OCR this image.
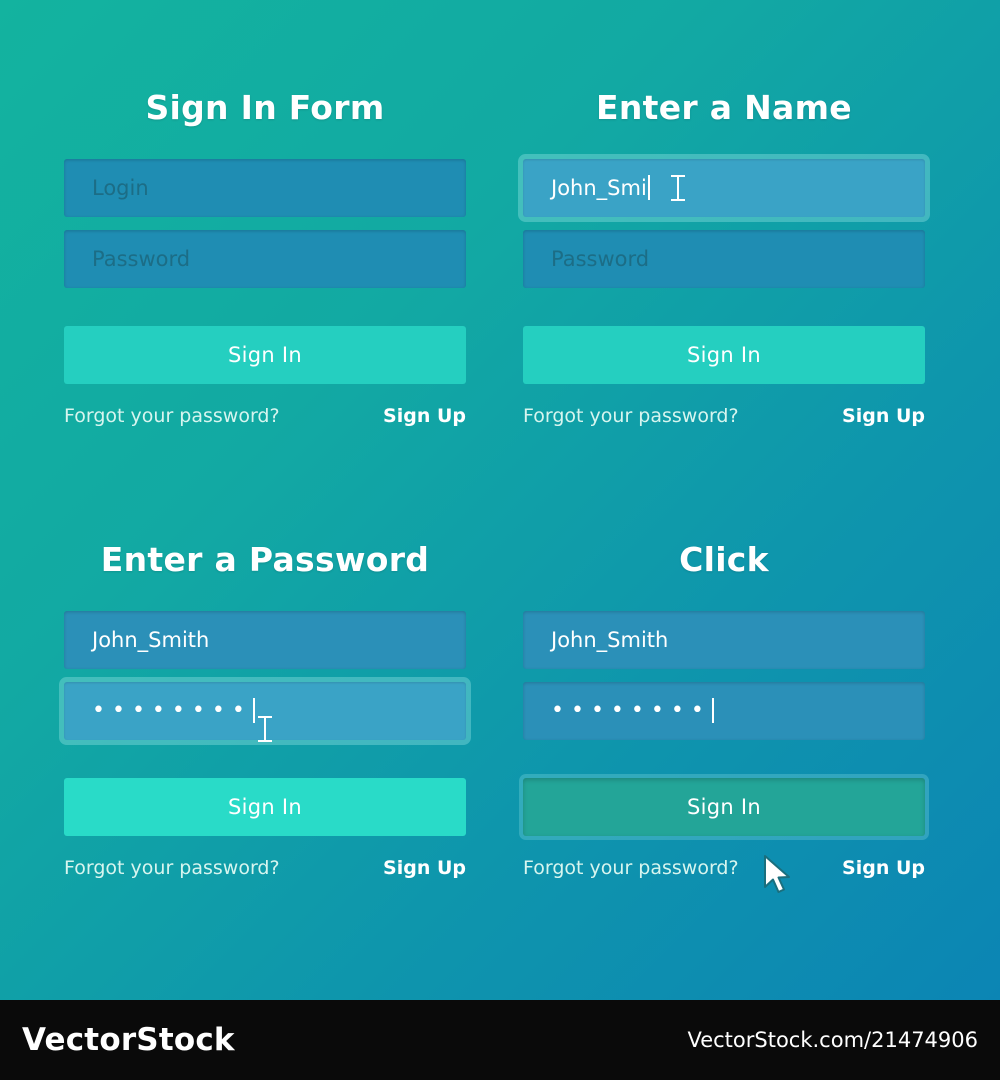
Sign In Form
Login
Password
Sign In
Forgot your password?	Sign Up
Enter a Name
John_Smi
Password
Sign In
Forgot your password?	Sign Up
Enter a Password
John_Smith
••••••••
Sign In
Forgot your password?	Sign Up
Click
John_Smith
••••••••
Sign In
Forgot your password?	Sign Up
VectorStock	VectorStock.com/21474906
